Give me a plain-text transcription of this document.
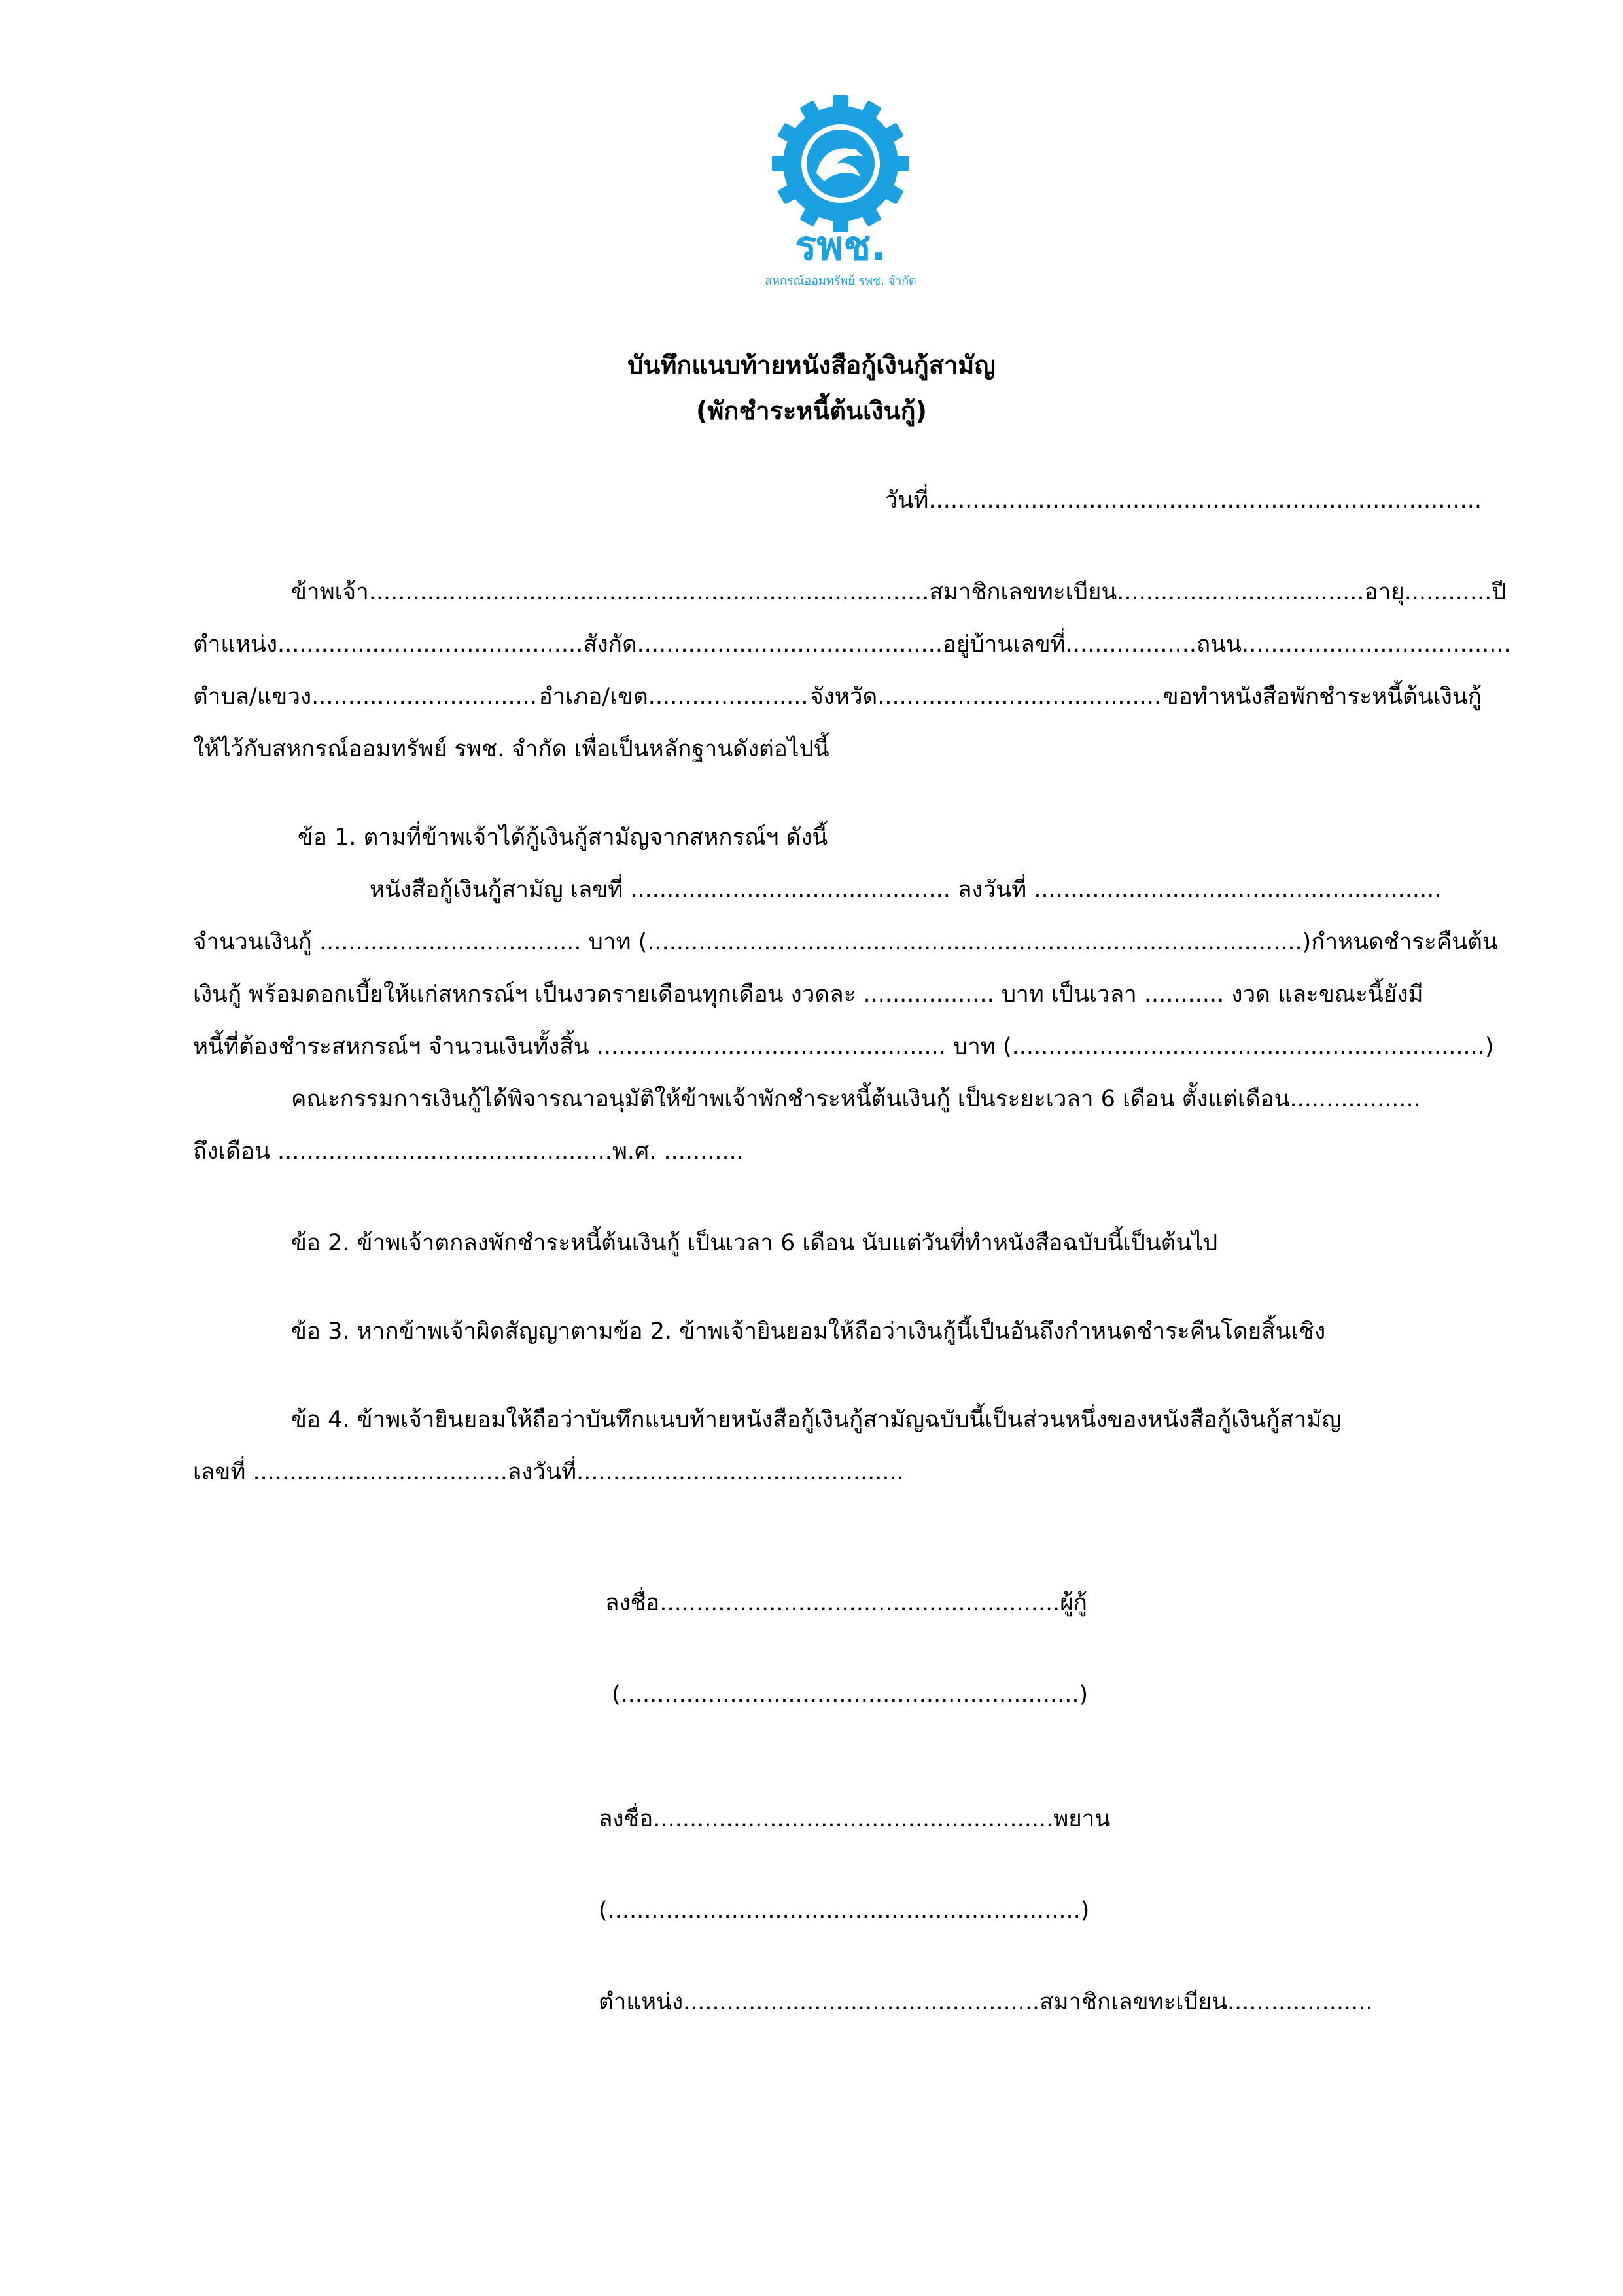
รพช.
สหกรณ์ออมทรัพย์ รพช. จำกัด
บันทึกแนบท้ายหนังสือกู้เงินกู้สามัญ
(พักชำระหนี้ต้นเงินกู้)
วันที่............................................................................
ข้าพเจ้า............................................................................. สมาชิกเลขทะเบียน.................................. อายุ............ปี
ตำแหน่ง.......................................... สังกัด.......................................... อยู่บ้านเลขที่.................. ถนน.....................................
ตำบล/แขวง............................... อำเภอ/เขต...................... จังหวัด....................................... ขอทำหนังสือพักชำระหนี้ต้นเงินกู้
ให้ไว้กับสหกรณ์ออมทรัพย์ รพช. จำกัด เพื่อเป็นหลักฐานดังต่อไปนี้
ข้อ 1. ตามที่ข้าพเจ้าได้กู้เงินกู้สามัญจากสหกรณ์ฯ ดังนี้
หนังสือกู้เงินกู้สามัญ เลขที่ ............................................ ลงวันที่ ........................................................
จำนวนเงินกู้ .................................... บาท (..........................................................................................) กำหนดชำระคืนต้น
เงินกู้ พร้อมดอกเบี้ยให้แก่สหกรณ์ฯ เป็นงวดรายเดือนทุกเดือน งวดละ .................. บาท เป็นเวลา ........... งวด และขณะนี้ยังมี
หนี้ที่ต้องชำระสหกรณ์ฯ จำนวนเงินทั้งสิ้น ................................................ บาท (.................................................................)
คณะกรรมการเงินกู้ได้พิจารณาอนุมัติให้ข้าพเจ้าพักชำระหนี้ต้นเงินกู้ เป็นระยะเวลา 6 เดือน ตั้งแต่เดือน..................
ถึงเดือน ..............................................พ.ศ. ...........
ข้อ 2. ข้าพเจ้าตกลงพักชำระหนี้ต้นเงินกู้ เป็นเวลา 6 เดือน นับแต่วันที่ทำหนังสือฉบับนี้เป็นต้นไป
ข้อ 3. หากข้าพเจ้าผิดสัญญาตามข้อ 2. ข้าพเจ้ายินยอมให้ถือว่าเงินกู้นี้เป็นอันถึงกำหนดชำระคืนโดยสิ้นเชิง
ข้อ 4. ข้าพเจ้ายินยอมให้ถือว่าบันทึกแนบท้ายหนังสือกู้เงินกู้สามัญฉบับนี้เป็นส่วนหนึ่งของหนังสือกู้เงินกู้สามัญ
เลขที่ ...................................ลงวันที่.............................................
ลงชื่อ.......................................................ผู้กู้
(...............................................................)
ลงชื่อ.......................................................พยาน
(.................................................................)
ตำแหน่ง.................................................สมาชิกเลขทะเบียน....................
